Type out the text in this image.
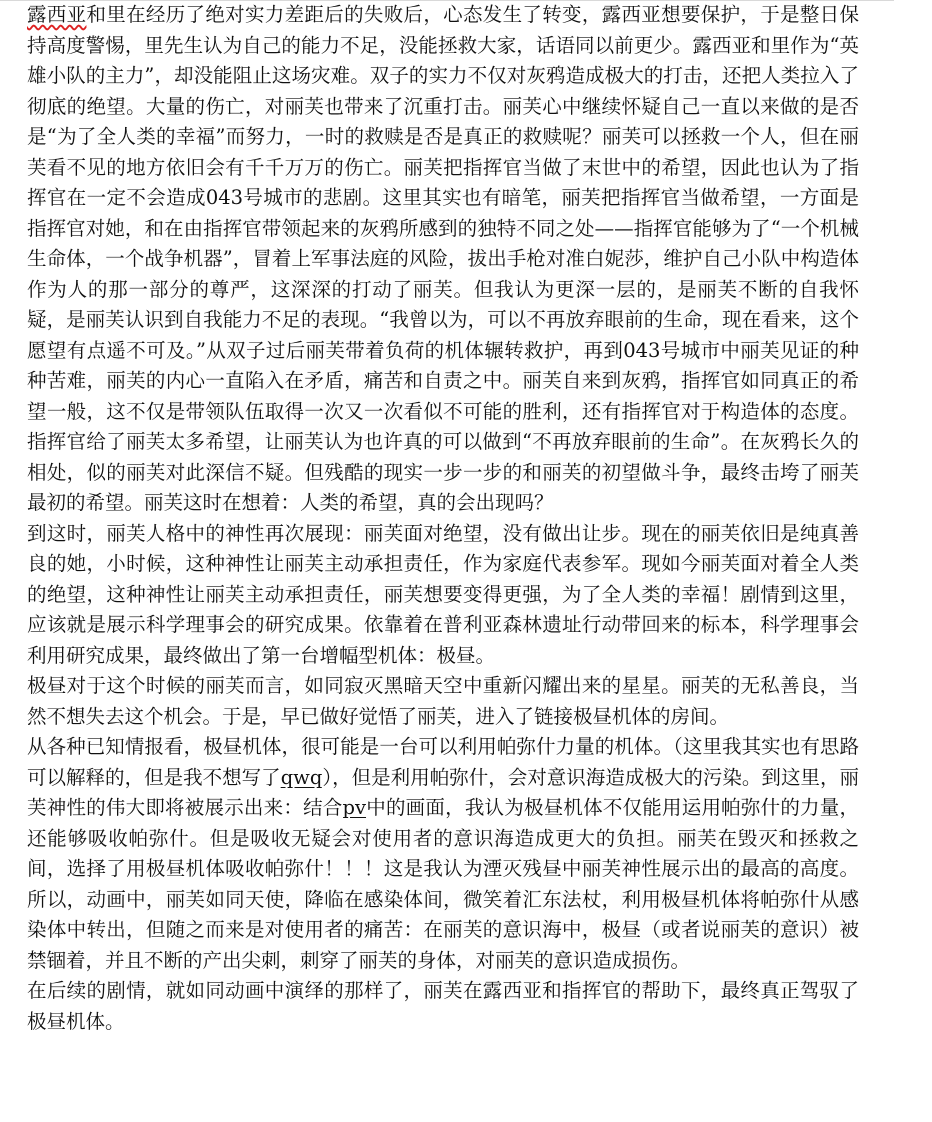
露西亚和里在经历了绝对实力差距后的失败后，心态发生了转变，露西亚想要保护，于是整日保持高度警惕，里先生认为自己的能力不足，没能拯救大家，话语同以前更少。露西亚和里作为“英雄小队的主力”，却没能阻止这场灾难。双子的实力不仅对灰鸦造成极大的打击，还把人类拉入了彻底的绝望。大量的伤亡，对丽芙也带来了沉重打击。丽芙心中继续怀疑自己一直以来做的是否是“为了全人类的幸福”而努力，一时的救赎是否是真正的救赎呢？丽芙可以拯救一个人，但在丽芙看不见的地方依旧会有千千万万的伤亡。丽芙把指挥官当做了末世中的希望，因此也认为了指挥官在一定不会造成043号城市的悲剧。这里其实也有暗笔，丽芙把指挥官当做希望，一方面是指挥官对她，和在由指挥官带领起来的灰鸦所感到的独特不同之处——指挥官能够为了“一个机械生命体，一个战争机器”，冒着上军事法庭的风险，拔出手枪对准白妮莎，维护自己小队中构造体作为人的那一部分的尊严，这深深的打动了丽芙。但我认为更深一层的，是丽芙不断的自我怀疑，是丽芙认识到自我能力不足的表现。“我曾以为，可以不再放弃眼前的生命，现在看来，这个愿望有点遥不可及。”从双子过后丽芙带着负荷的机体辗转救护，再到043号城市中丽芙见证的种种苦难，丽芙的内心一直陷入在矛盾，痛苦和自责之中。丽芙自来到灰鸦，指挥官如同真正的希望一般，这不仅是带领队伍取得一次又一次看似不可能的胜利，还有指挥官对于构造体的态度。指挥官给了丽芙太多希望，让丽芙认为也许真的可以做到“不再放弃眼前的生命”。在灰鸦长久的相处，似的丽芙对此深信不疑。但残酷的现实一步一步的和丽芙的初望做斗争，最终击垮了丽芙最初的希望。丽芙这时在想着：人类的希望，真的会出现吗？

到这时，丽芙人格中的神性再次展现：丽芙面对绝望，没有做出让步。现在的丽芙依旧是纯真善良的她，小时候，这种神性让丽芙主动承担责任，作为家庭代表参军。现如今丽芙面对着全人类的绝望，这种神性让丽芙主动承担责任，丽芙想要变得更强，为了全人类的幸福！剧情到这里，应该就是展示科学理事会的研究成果。依靠着在普利亚森林遗址行动带回来的标本，科学理事会利用研究成果，最终做出了第一台增幅型机体：极昼。

极昼对于这个时候的丽芙而言，如同寂灭黑暗天空中重新闪耀出来的星星。丽芙的无私善良，当然不想失去这个机会。于是，早已做好觉悟了丽芙，进入了链接极昼机体的房间。

从各种已知情报看，极昼机体，很可能是一台可以利用帕弥什力量的机体。（这里我其实也有思路可以解释的，但是我不想写了qwq），但是利用帕弥什，会对意识海造成极大的污染。到这里，丽芙神性的伟大即将被展示出来：结合pv中的画面，我认为极昼机体不仅能用运用帕弥什的力量，还能够吸收帕弥什。但是吸收无疑会对使用者的意识海造成更大的负担。丽芙在毁灭和拯救之间，选择了用极昼机体吸收帕弥什！！！这是我认为湮灭残昼中丽芙神性展示出的最高的高度。所以，动画中，丽芙如同天使，降临在感染体间，微笑着汇东法杖，利用极昼机体将帕弥什从感染体中转出，但随之而来是对使用者的痛苦：在丽芙的意识海中，极昼（或者说丽芙的意识）被禁锢着，并且不断的产出尖刺，刺穿了丽芙的身体，对丽芙的意识造成损伤。

在后续的剧情，就如同动画中演绎的那样了，丽芙在露西亚和指挥官的帮助下，最终真正驾驭了极昼机体。
